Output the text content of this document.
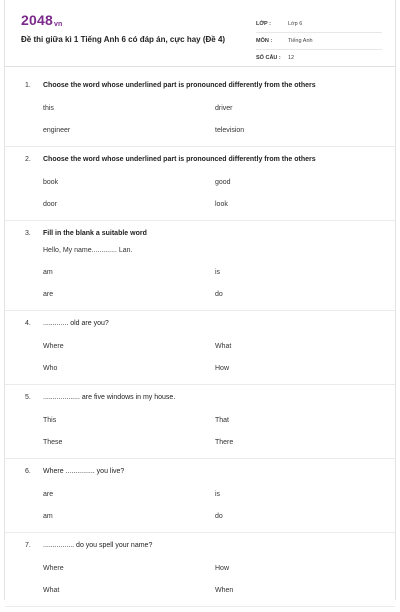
2048vn
Đề thi giữa kì 1 Tiếng Anh 6 có đáp án, cực hay (Đề 4)
LỚP :	Lớp 6
MÔN :	Tiếng Anh
SỐ CÂU :	12
1.	Choose the word whose underlined part is pronounced differently from the others
this	driver
engineer	television
2.	Choose the word whose underlined part is pronounced differently from the others
book	good
door	look
3.	Fill in the blank a suitable word
Hello, My name............. Lan.
am	is
are	do
4.	............. old are you?
Where	What
Who	How
5.	................... are five windows in my house.
This	That
These	There
6.	Where ............... you live?
are	is
am	do
7.	................ do you spell your name?
Where	How
What	When
